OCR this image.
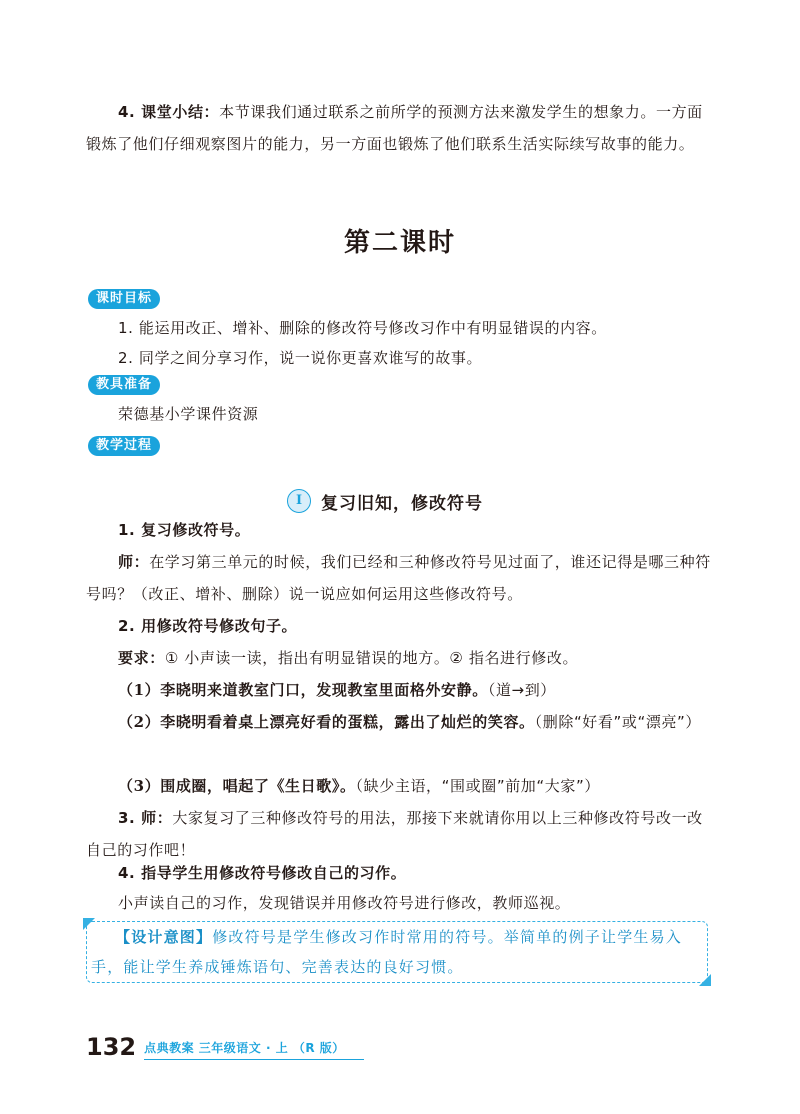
4. 课堂小结：本节课我们通过联系之前所学的预测方法来激发学生的想象力。一方面锻炼了他们仔细观察图片的能力，另一方面也锻炼了他们联系生活实际续写故事的能力。

第二课时
课时目标

1. 能运用改正、增补、删除的修改符号修改习作中有明显错误的内容。

2. 同学之间分享习作，说一说你更喜欢谁写的故事。

教具准备

荣德基小学课件资源

教学过程
I	复习旧知，修改符号

1. 复习修改符号。

师：在学习第三单元的时候，我们已经和三种修改符号见过面了，谁还记得是哪三种符号吗？（改正、增补、删除）说一说应如何运用这些修改符号。

2. 用修改符号修改句子。

要求：① 小声读一读，指出有明显错误的地方。② 指名进行修改。

（1）李晓明来道教室门口，发现教室里面格外安静。（道→到）

（2）李晓明看着桌上漂亮好看的蛋糕，露出了灿烂的笑容。（删除“好看”或“漂亮”）

（3）围成圈，唱起了《生日歌》。（缺少主语，“围或圈”前加“大家”）

3. 师：大家复习了三种修改符号的用法，那接下来就请你用以上三种修改符号改一改自己的习作吧！

4. 指导学生用修改符号修改自己的习作。

小声读自己的习作，发现错误并用修改符号进行修改，教师巡视。

【设计意图】修改符号是学生修改习作时常用的符号。举简单的例子让学生易入手，能让学生养成锤炼语句、完善表达的良好习惯。
132 点典教案 三年级语文 · 上 （R 版）
